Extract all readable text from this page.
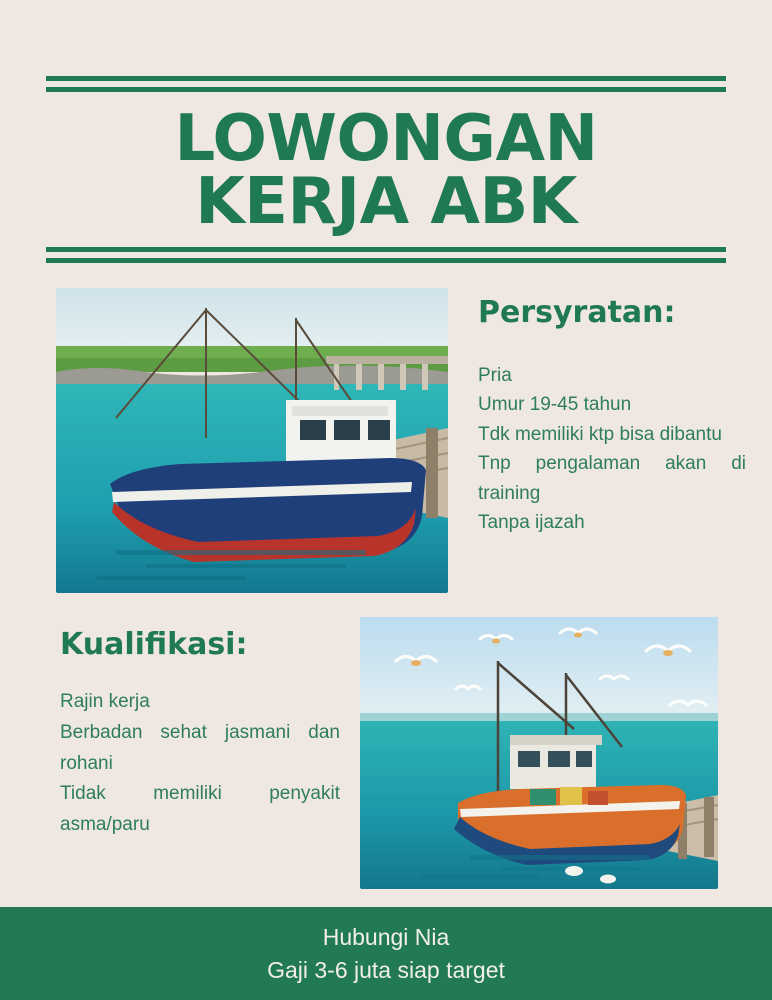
LOWONGAN
KERJA ABK
Persyratan:
Pria
Umur 19-45 tahun
Tdk memiliki ktp bisa dibantu
Tnp pengalaman akan di training
Tanpa ijazah
Kualifikasi:
Rajin kerja
Berbadan sehat jasmani dan rohani
Tidak memiliki penyakit asma/paru
Hubungi Nia
Gaji 3-6 juta siap target
